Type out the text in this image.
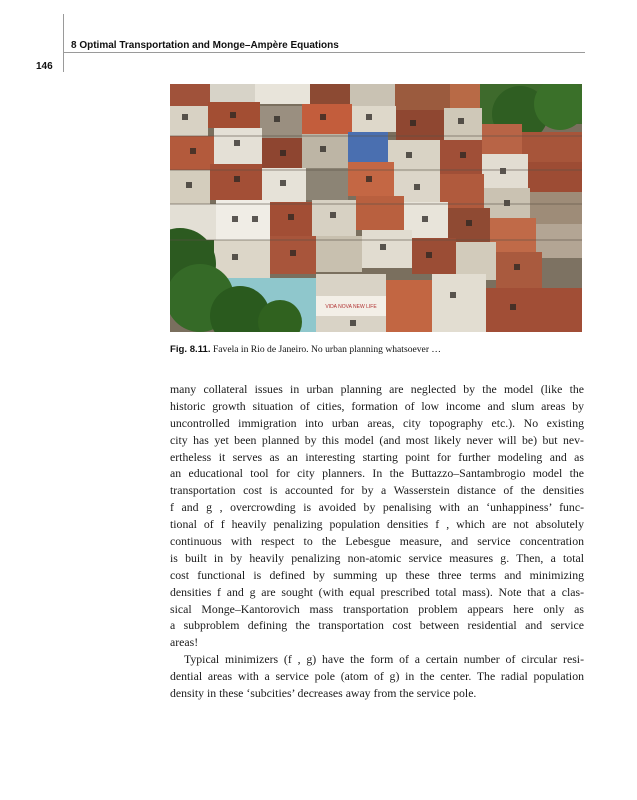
8 Optimal Transportation and Monge–Ampère Equations
146
VIDA NOVA NEW LIFE
Fig. 8.11. Favela in Rio de Janeiro. No urban planning whatsoever …
many collateral issues in urban planning are neglected by the model (like the
historic growth situation of cities, formation of low income and slum areas by
uncontrolled immigration into urban areas, city topography etc.). No existing
city has yet been planned by this model (and most likely never will be) but nev-
ertheless it serves as an interesting starting point for further modeling and as
an educational tool for city planners. In the Buttazzo–Santambrogio model the
transportation cost is accounted for by a Wasserstein distance of the densities
f and g , overcrowding is avoided by penalising with an ‘unhappiness’ func-
tional of f heavily penalizing population densities f , which are not absolutely
continuous with respect to the Lebesgue measure, and service concentration
is built in by heavily penalizing non-atomic service measures g. Then, a total
cost functional is defined by summing up these three terms and minimizing
densities f and g are sought (with equal prescribed total mass). Note that a clas-
sical Monge–Kantorovich mass transportation problem appears here only as
a subproblem defining the transportation cost between residential and service
areas!
Typical minimizers (f , g) have the form of a certain number of circular resi-
dential areas with a service pole (atom of g) in the center. The radial population
density in these ‘subcities’ decreases away from the service pole.
